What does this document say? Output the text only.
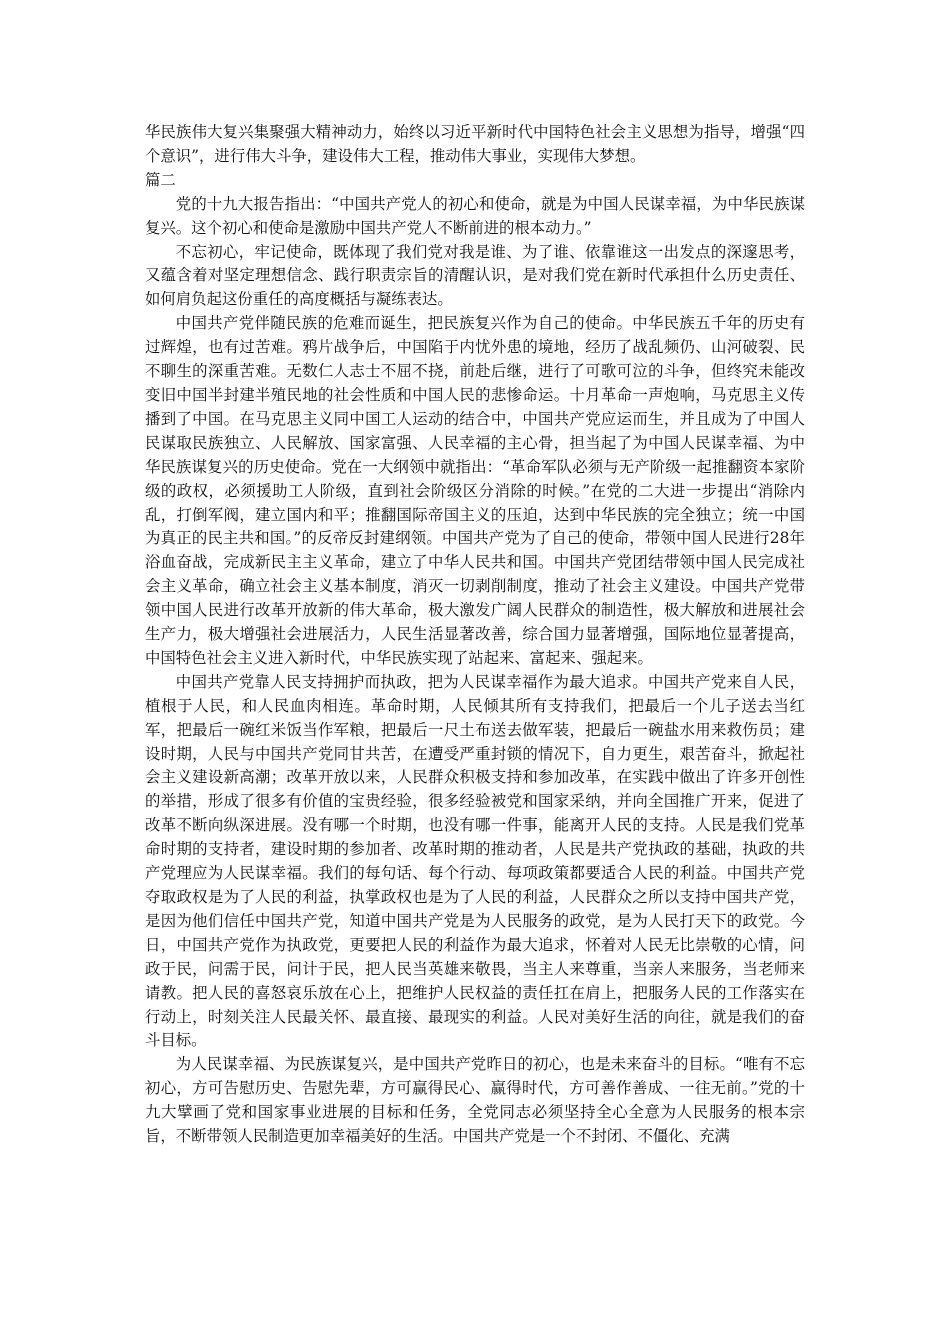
华民族伟大复兴集聚强大精神动力，始终以习近平新时代中国特色社会主义思想为指导，增强“四个意识”，进行伟大斗争，建设伟大工程，推动伟大事业，实现伟大梦想。

篇二

党的十九大报告指出：“中国共产党人的初心和使命，就是为中国人民谋幸福，为中华民族谋复兴。这个初心和使命是激励中国共产党人不断前进的根本动力。”

不忘初心，牢记使命，既体现了我们党对我是谁、为了谁、依靠谁这一出发点的深邃思考，又蕴含着对坚定理想信念、践行职责宗旨的清醒认识，是对我们党在新时代承担什么历史责任、如何肩负起这份重任的高度概括与凝练表达。

中国共产党伴随民族的危难而诞生，把民族复兴作为自己的使命。中华民族五千年的历史有过辉煌，也有过苦难。鸦片战争后，中国陷于内忧外患的境地，经历了战乱频仍、山河破裂、民不聊生的深重苦难。无数仁人志士不屈不挠，前赴后继，进行了可歌可泣的斗争，但终究未能改变旧中国半封建半殖民地的社会性质和中国人民的悲惨命运。十月革命一声炮响，马克思主义传播到了中国。在马克思主义同中国工人运动的结合中，中国共产党应运而生，并且成为了中国人民谋取民族独立、人民解放、国家富强、人民幸福的主心骨，担当起了为中国人民谋幸福、为中华民族谋复兴的历史使命。党在一大纲领中就指出：“革命军队必须与无产阶级一起推翻资本家阶级的政权，必须援助工人阶级，直到社会阶级区分消除的时候。”在党的二大进一步提出“消除内乱，打倒军阀，建立国内和平；推翻国际帝国主义的压迫，达到中华民族的完全独立；统一中国为真正的民主共和国。”的反帝反封建纲领。中国共产党为了自己的使命，带领中国人民进行28年浴血奋战，完成新民主主义革命，建立了中华人民共和国。中国共产党团结带领中国人民完成社会主义革命，确立社会主义基本制度，消灭一切剥削制度，推动了社会主义建设。中国共产党带领中国人民进行改革开放新的伟大革命，极大激发广阔人民群众的制造性，极大解放和进展社会生产力，极大增强社会进展活力，人民生活显著改善，综合国力显著增强，国际地位显著提高，中国特色社会主义进入新时代，中华民族实现了站起来、富起来、强起来。

中国共产党靠人民支持拥护而执政，把为人民谋幸福作为最大追求。中国共产党来自人民，植根于人民，和人民血肉相连。革命时期，人民倾其所有支持我们，把最后一个儿子送去当红军，把最后一碗红米饭当作军粮，把最后一尺土布送去做军装，把最后一碗盐水用来救伤员；建设时期，人民与中国共产党同甘共苦，在遭受严重封锁的情况下，自力更生，艰苦奋斗，掀起社会主义建设新高潮；改革开放以来，人民群众积极支持和参加改革，在实践中做出了许多开创性的举措，形成了很多有价值的宝贵经验，很多经验被党和国家采纳，并向全国推广开来，促进了改革不断向纵深进展。没有哪一个时期，也没有哪一件事，能离开人民的支持。人民是我们党革命时期的支持者，建设时期的参加者、改革时期的推动者，人民是共产党执政的基础，执政的共产党理应为人民谋幸福。我们的每句话、每个行动、每项政策都要适合人民的利益。中国共产党夺取政权是为了人民的利益，执掌政权也是为了人民的利益，人民群众之所以支持中国共产党，是因为他们信任中国共产党，知道中国共产党是为人民服务的政党，是为人民打天下的政党。今日，中国共产党作为执政党，更要把人民的利益作为最大追求，怀着对人民无比崇敬的心情，问政于民，问需于民，问计于民，把人民当英雄来敬畏，当主人来尊重，当亲人来服务，当老师来请教。把人民的喜怒哀乐放在心上，把维护人民权益的责任扛在肩上，把服务人民的工作落实在行动上，时刻关注人民最关怀、最直接、最现实的利益。人民对美好生活的向往，就是我们的奋斗目标。

为人民谋幸福、为民族谋复兴，是中国共产党昨日的初心，也是未来奋斗的目标。“唯有不忘初心，方可告慰历史、告慰先辈，方可赢得民心、赢得时代，方可善作善成、一往无前。”党的十九大擘画了党和国家事业进展的目标和任务，全党同志必须坚持全心全意为人民服务的根本宗旨，不断带领人民制造更加幸福美好的生活。中国共产党是一个不封闭、不僵化、充满
